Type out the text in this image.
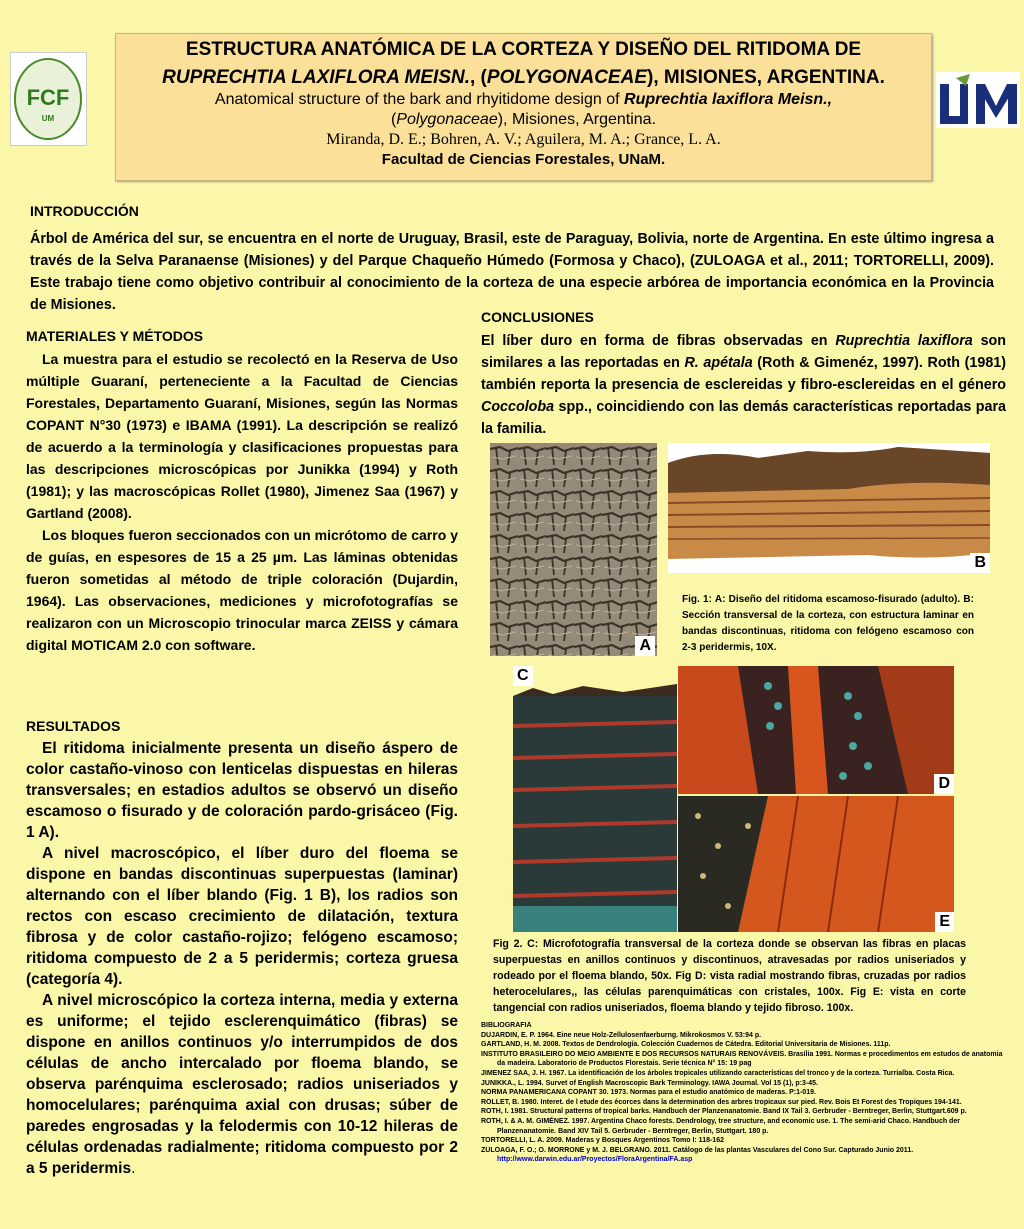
FCF
UM
ESTRUCTURA ANATÓMICA DE LA CORTEZA Y DISEÑO DEL RITIDOMA DE
RUPRECHTIA LAXIFLORA MEISN., (POLYGONACEAE), MISIONES, ARGENTINA.
Anatomical structure of the bark and rhyitidome design of Ruprechtia laxiflora Meisn.,
(Polygonaceae), Misiones, Argentina.
Miranda, D. E.; Bohren, A. V.; Aguilera, M. A.; Grance, L. A.
Facultad de Ciencias Forestales, UNaM.
INTRODUCCIÓN
Árbol de América del sur, se encuentra en el norte de Uruguay, Brasil, este de Paraguay, Bolivia, norte de Argentina. En este último ingresa a través de la Selva Paranaense (Misiones) y del Parque Chaqueño Húmedo (Formosa y Chaco), (ZULOAGA et al., 2011; TORTORELLI, 2009). Este trabajo tiene como objetivo contribuir al conocimiento de la corteza de una especie arbórea de importancia económica en la Provincia de Misiones.
MATERIALES Y MÉTODOS
La muestra para el estudio se recolectó en la Reserva de Uso múltiple Guaraní, perteneciente a la Facultad de Ciencias Forestales, Departamento Guaraní, Misiones, según las Normas COPANT N°30 (1973) e IBAMA (1991). La descripción se realizó de acuerdo a la terminología y clasificaciones propuestas para las descripciones microscópicas por Junikka (1994) y Roth (1981); y las macroscópicas Rollet (1980), Jimenez Saa (1967) y Gartland (2008).
Los bloques fueron seccionados con un micrótomo de carro y de guías, en espesores de 15 a 25 µm. Las láminas obtenidas fueron sometidas al método de triple coloración (Dujardin, 1964). Las observaciones, mediciones y microfotografías se realizaron con un Microscopio trinocular marca ZEISS y cámara digital MOTICAM 2.0 con software.
RESULTADOS
El ritidoma inicialmente presenta un diseño áspero de color castaño-vinoso con lenticelas dispuestas en hileras transversales; en estadios adultos se observó un diseño escamoso o fisurado y de coloración pardo-grisáceo (Fig. 1 A).
A nivel macroscópico, el líber duro del floema se dispone en bandas discontinuas superpuestas (laminar) alternando con el líber blando (Fig. 1 B), los radios son rectos con escaso crecimiento de dilatación, textura fibrosa y de color castaño-rojizo; felógeno escamoso; ritidoma compuesto de 2 a 5 peridermis; corteza gruesa (categoría 4).
A nivel microscópico la corteza interna, media y externa es uniforme; el tejido esclerenquimático (fibras) se dispone en anillos continuos y/o interrumpidos de dos células de ancho intercalado por floema blando, se observa parénquima esclerosado; radios uniseriados y homocelulares; parénquima axial con drusas; súber de paredes engrosadas y la felodermis con 10-12 hileras de células ordenadas radialmente; ritidoma compuesto por 2 a 5 peridermis.
CONCLUSIONES
El líber duro en forma de fibras observadas en Ruprechtia laxiflora son similares a las reportadas en R. apétala (Roth & Gimenéz, 1997). Roth (1981) también reporta la presencia de esclereidas y fibro-esclereidas en el género Coccoloba spp., coincidiendo con las demás características reportadas para la familia.
A
B
Fig. 1: A: Diseño del ritidoma escamoso-fisurado (adulto). B: Sección transversal de la corteza, con estructura laminar en bandas discontinuas, ritidoma con felógeno escamoso con 2-3 peridermis, 10X.
C
D
E
Fig 2. C: Microfotografía transversal de la corteza donde se observan las fibras en placas superpuestas en anillos continuos y discontinuos, atravesadas por radios uniseriados y rodeado por el floema blando, 50x. Fig D: vista radial mostrando fibras, cruzadas por radios heterocelulares,, las células parenquimáticas con cristales, 100x. Fig E: vista en corte tangencial con radios uniseriados, floema blando y tejido fibroso. 100x.
BIBLIOGRAFIA
DUJARDIN, E. P. 1964. Eine neue Holz-Zellulosenfaerburng. Mikrokosmos V. 53:94 p.
GARTLAND, H. M. 2008. Textos de Dendrología. Colección Cuadernos de Cátedra. Editorial Universitaria de Misiones. 111p.
INSTITUTO BRASILEIRO DO MEIO AMBIENTE E DOS RECURSOS NATURAIS RENOVÁVEIS. Brasília 1991. Normas e procedimentos em estudos de anatomia da madeira. Laboratorio de Productos Florestais. Serie técnica N° 15: 19 pag
JIMENEZ SAA, J. H. 1967. La identificación de los árboles tropicales utilizando características del tronco y de la corteza. Turrialba. Costa Rica.
JUNIKKA., L. 1994. Survet of English Macroscopic Bark Terminology. IAWA Journal. Vol 15 (1), p:3-45.
NORMA PANAMERICANA COPANT 30. 1973. Normas para el estudio anatómico de maderas. P:1-019.
ROLLET, B. 1980. Interet. de l etude des écorces dans la determination des arbres tropicaux sur pied. Rev. Bois Et Forest des Tropiques 194-141.
ROTH, I. 1981. Structural patterns of tropical barks. Handbuch der Planzenanatomie. Band IX Tail 3. Gerbruder - Berntreger, Berlin, Stuttgart.609 p.
ROTH, I. & A. M. GIMÉNEZ. 1997. Argentina Chaco forests. Dendrology, tree structure, and economic use. 1. The semi-arid Chaco. Handbuch der Planzenanatomie. Band XIV Tail 5. Gerbruder - Berntreger, Berlin, Stuttgart. 180 p.
TORTORELLI, L. A. 2009. Maderas y Bosques Argentinos Tomo I: 118-162
ZULOAGA, F. O.; O. MORRONE y M. J. BELGRANO. 2011. Catálogo de las plantas Vasculares del Cono Sur. Capturado Junio 2011.
http://www.darwin.edu.ar/Proyectos/FloraArgentina/FA.asp
